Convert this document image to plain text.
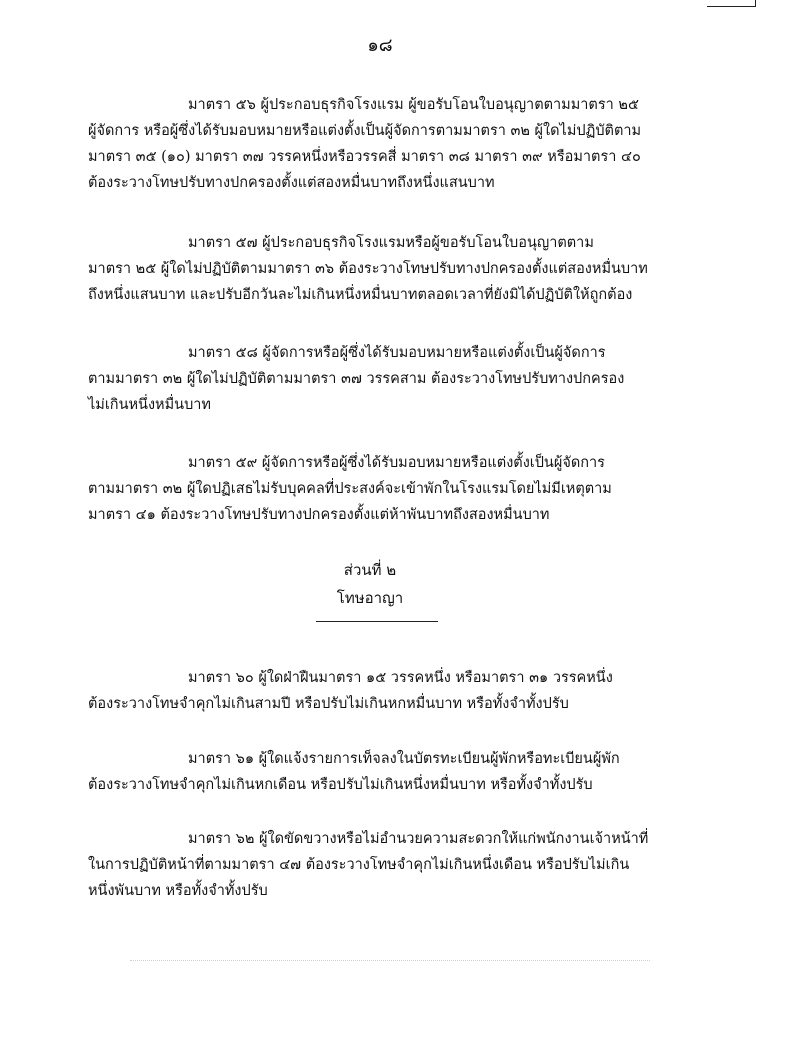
๑๘
มาตรา ๕๖ ผู้ประกอบธุรกิจโรงแรม ผู้ขอรับโอนใบอนุญาตตามมาตรา ๒๕
ผู้จัดการ หรือผู้ซึ่งได้รับมอบหมายหรือแต่งตั้งเป็นผู้จัดการตามมาตรา ๓๒ ผู้ใดไม่ปฏิบัติตาม
มาตรา ๓๕ (๑๐) มาตรา ๓๗ วรรคหนึ่งหรือวรรคสี่ มาตรา ๓๘ มาตรา ๓๙ หรือมาตรา ๔๐
ต้องระวางโทษปรับทางปกครองตั้งแต่สองหมื่นบาทถึงหนึ่งแสนบาท
มาตรา ๕๗ ผู้ประกอบธุรกิจโรงแรมหรือผู้ขอรับโอนใบอนุญาตตาม
มาตรา ๒๕ ผู้ใดไม่ปฏิบัติตามมาตรา ๓๖ ต้องระวางโทษปรับทางปกครองตั้งแต่สองหมื่นบาท
ถึงหนึ่งแสนบาท และปรับอีกวันละไม่เกินหนึ่งหมื่นบาทตลอดเวลาที่ยังมิได้ปฏิบัติให้ถูกต้อง
มาตรา ๕๘ ผู้จัดการหรือผู้ซึ่งได้รับมอบหมายหรือแต่งตั้งเป็นผู้จัดการ
ตามมาตรา ๓๒ ผู้ใดไม่ปฏิบัติตามมาตรา ๓๗ วรรคสาม ต้องระวางโทษปรับทางปกครอง
ไม่เกินหนึ่งหมื่นบาท
มาตรา ๕๙ ผู้จัดการหรือผู้ซึ่งได้รับมอบหมายหรือแต่งตั้งเป็นผู้จัดการ
ตามมาตรา ๓๒ ผู้ใดปฏิเสธไม่รับบุคคลที่ประสงค์จะเข้าพักในโรงแรมโดยไม่มีเหตุตาม
มาตรา ๔๑ ต้องระวางโทษปรับทางปกครองตั้งแต่ห้าพันบาทถึงสองหมื่นบาท
ส่วนที่ ๒
โทษอาญา
มาตรา ๖๐ ผู้ใดฝ่าฝืนมาตรา ๑๕ วรรคหนึ่ง หรือมาตรา ๓๑ วรรคหนึ่ง
ต้องระวางโทษจำคุกไม่เกินสามปี หรือปรับไม่เกินหกหมื่นบาท หรือทั้งจำทั้งปรับ
มาตรา ๖๑ ผู้ใดแจ้งรายการเท็จลงในบัตรทะเบียนผู้พักหรือทะเบียนผู้พัก
ต้องระวางโทษจำคุกไม่เกินหกเดือน หรือปรับไม่เกินหนึ่งหมื่นบาท หรือทั้งจำทั้งปรับ
มาตรา ๖๒ ผู้ใดขัดขวางหรือไม่อำนวยความสะดวกให้แก่พนักงานเจ้าหน้าที่
ในการปฏิบัติหน้าที่ตามมาตรา ๔๗ ต้องระวางโทษจำคุกไม่เกินหนึ่งเดือน หรือปรับไม่เกิน
หนึ่งพันบาท หรือทั้งจำทั้งปรับ
